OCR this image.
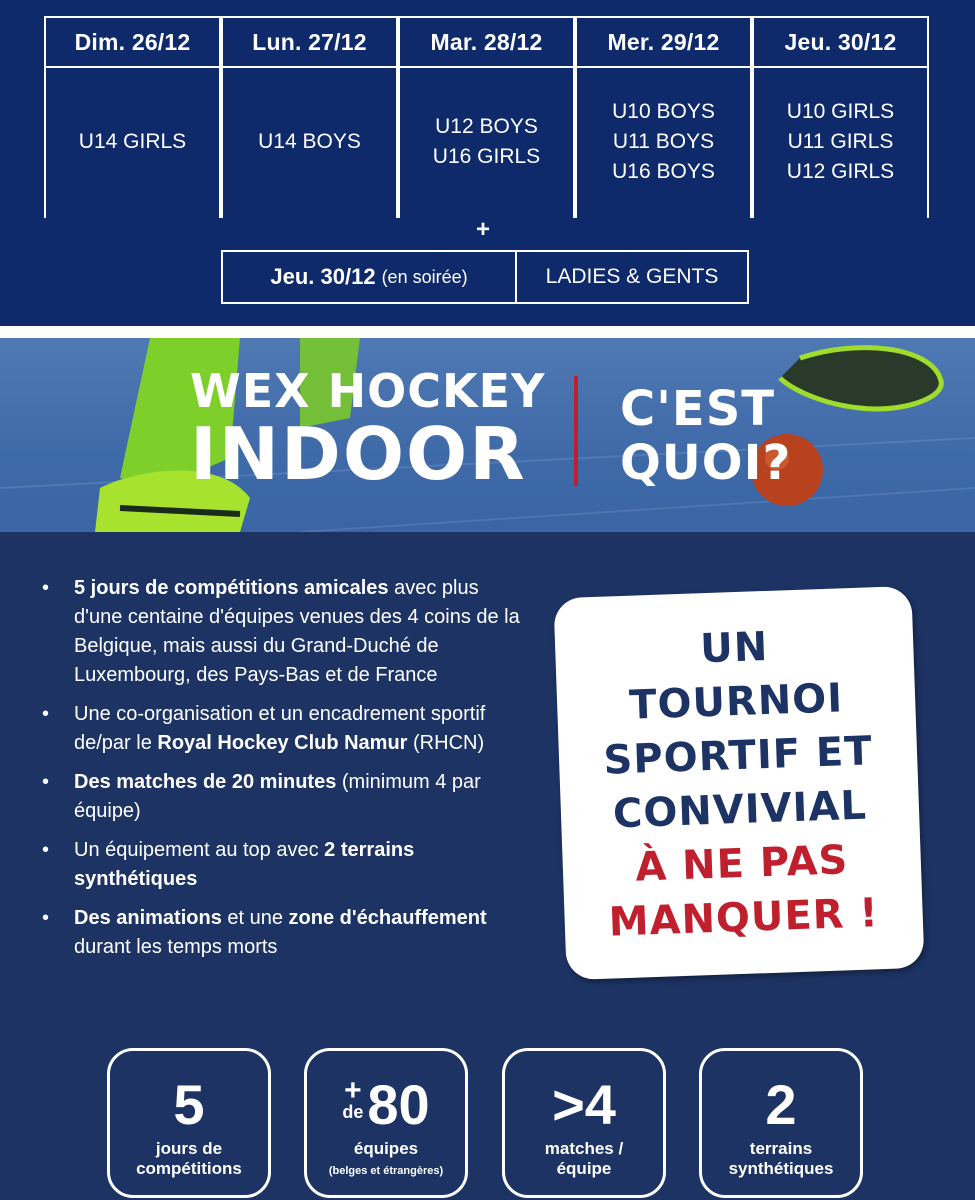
Dim. 26/12
U14 GIRLS
Lun. 27/12
U14 BOYS
Mar. 28/12
U12 BOYS
U16 GIRLS
Mer. 29/12
U10 BOYS
U11 BOYS
U16 BOYS
Jeu. 30/12
U10 GIRLS
U11 GIRLS
U12 GIRLS
+
Jeu. 30/12 (en soirée)	LADIES & GENTS
WEX HOCKEY
INDOOR
C'EST
QUOI?
• 5 jours de compétitions amicales avec plus d'une centaine d'équipes venues des 4 coins de la Belgique, mais aussi du Grand-Duché de Luxembourg, des Pays-Bas et de France
• Une co-organisation et un encadrement sportif de/par le Royal Hockey Club Namur (RHCN)
• Des matches de 20 minutes (minimum 4 par équipe)
• Un équipement au top avec 2 terrains synthétiques
• Des animations et une zone d'échauffement durant les temps morts
UN
TOURNOI
SPORTIF ET
CONVIVIAL
À NE PAS
MANQUER !
5
jours de
compétitions
+
de 80
équipes
(belges et étrangères)
>4
matches /
équipe
2
terrains
synthétiques
